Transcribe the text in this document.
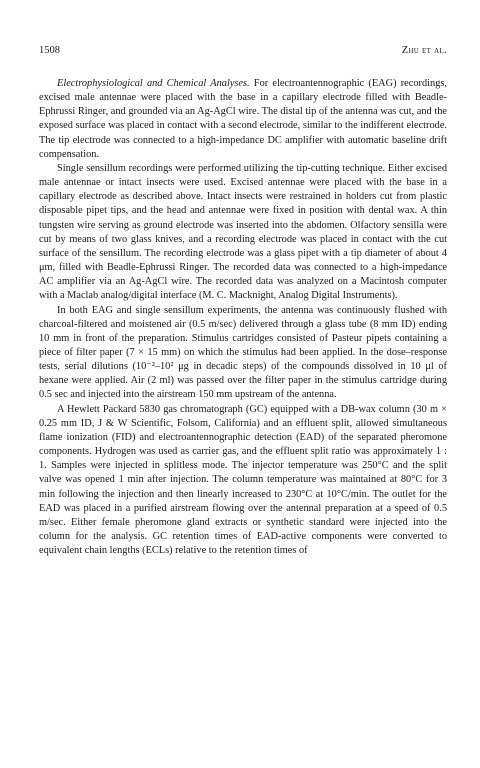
1508	Zhu et al.

Electrophysiological and Chemical Analyses. For electroantennographic (EAG) recordings, excised male antennae were placed with the base in a capillary electrode filled with Beadle-Ephrussi Ringer, and grounded via an Ag-AgCl wire. The distal tip of the antenna was cut, and the exposed surface was placed in contact with a second electrode, similar to the indifferent electrode. The tip electrode was connected to a high-impedance DC amplifier with automatic baseline drift compensation.

Single sensillum recordings were performed utilizing the tip-cutting technique. Either excised male antennae or intact insects were used. Excised antennae were placed with the base in a capillary electrode as described above. Intact insects were restrained in holders cut from plastic disposable pipet tips, and the head and antennae were fixed in position with dental wax. A thin tungsten wire serving as ground electrode was inserted into the abdomen. Olfactory sensilla were cut by means of two glass knives, and a recording electrode was placed in contact with the cut surface of the sensillum. The recording electrode was a glass pipet with a tip diameter of about 4 μm, filled with Beadle-Ephrussi Ringer. The recorded data was connected to a high-impedance AC amplifier via an Ag-AgCl wire. The recorded data was analyzed on a Macintosh computer with a Maclab analog/digital interface (M. C. Macknight, Analog Digital Instruments).

In both EAG and single sensillum experiments, the antenna was continuously flushed with charcoal-filtered and moistened air (0.5 m/sec) delivered through a glass tube (8 mm ID) ending 10 mm in front of the preparation. Stimulus cartridges consisted of Pasteur pipets containing a piece of filter paper (7 × 15 mm) on which the stimulus had been applied. In the dose–response tests, serial dilutions (10⁻²–10² μg in decadic steps) of the compounds dissolved in 10 μl of hexane were applied. Air (2 ml) was passed over the filter paper in the stimulus cartridge during 0.5 sec and injected into the airstream 150 mm upstream of the antenna.

A Hewlett Packard 5830 gas chromatograph (GC) equipped with a DB-wax column (30 m × 0.25 mm ID, J & W Scientific, Folsom, California) and an effluent split, allowed simultaneous flame ionization (FID) and electroantennographic detection (EAD) of the separated pheromone components. Hydrogen was used as carrier gas, and the effluent split ratio was approximately 1 : 1. Samples were injected in splitless mode. The injector temperature was 250°C and the split valve was opened 1 min after injection. The column temperature was maintained at 80°C for 3 min following the injection and then linearly increased to 230°C at 10°C/min. The outlet for the EAD was placed in a purified airstream flowing over the antennal preparation at a speed of 0.5 m/sec. Either female pheromone gland extracts or synthetic standard were injected into the column for the analysis. GC retention times of EAD-active components were converted to equivalent chain lengths (ECLs) relative to the retention times of
